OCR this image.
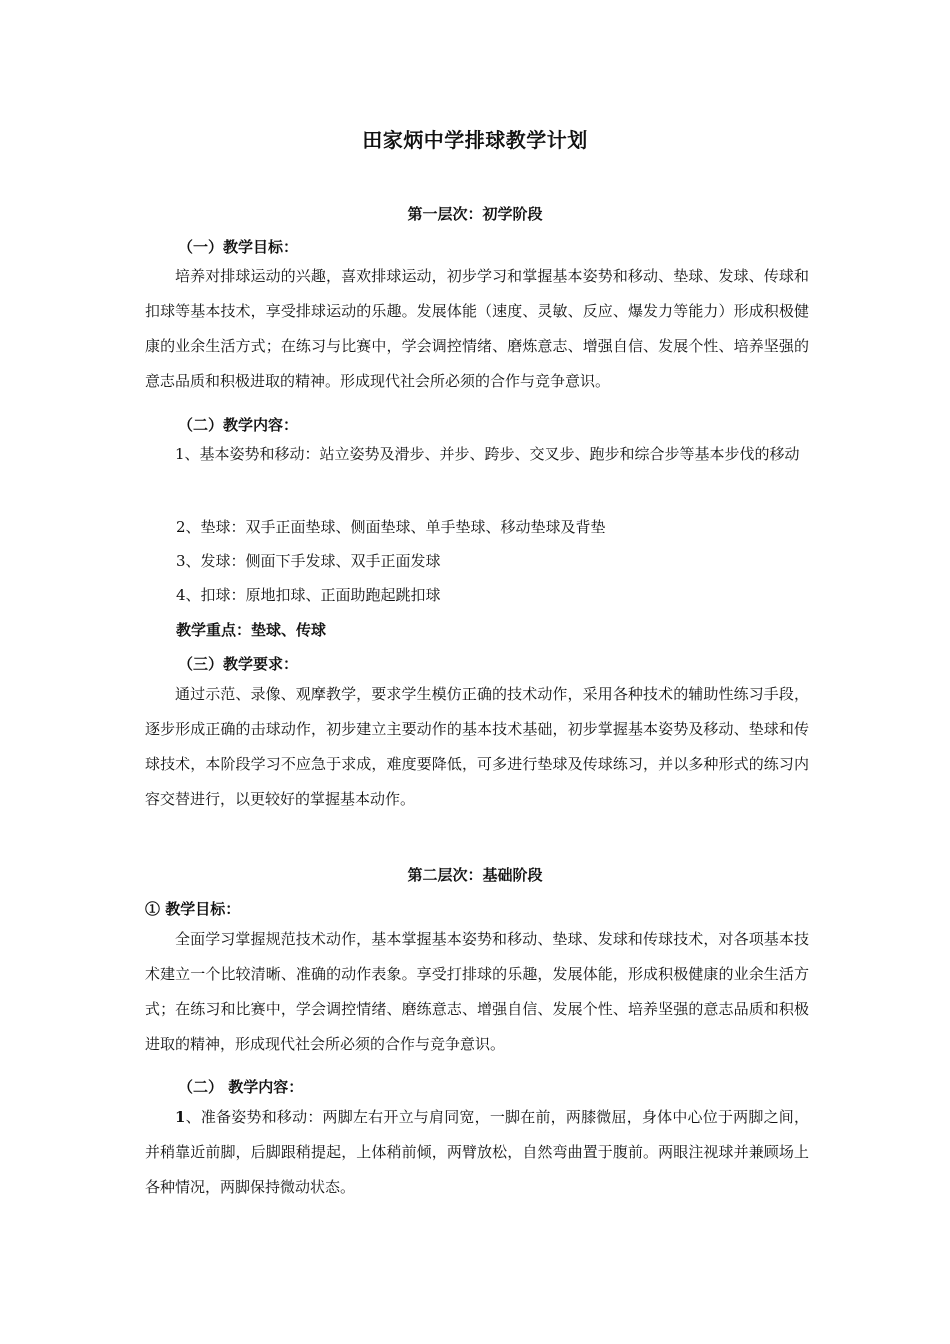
田家炳中学排球教学计划
第一层次：初学阶段
（一）教学目标：
培养对排球运动的兴趣，喜欢排球运动，初步学习和掌握基本姿势和移动、垫球、发球、传球和扣球等基本技术，享受排球运动的乐趣。发展体能（速度、灵敏、反应、爆发力等能力）形成积极健康的业余生活方式；在练习与比赛中，学会调控情绪、磨炼意志、增强自信、发展个性、培养坚强的意志品质和积极进取的精神。形成现代社会所必须的合作与竞争意识。
（二）教学内容：
1、基本姿势和移动：站立姿势及滑步、并步、跨步、交叉步、跑步和综合步等基本步伐的移动
2、垫球：双手正面垫球、侧面垫球、单手垫球、移动垫球及背垫
3、发球：侧面下手发球、双手正面发球
4、扣球：原地扣球、正面助跑起跳扣球
教学重点：垫球、传球
（三）教学要求：
通过示范、录像、观摩教学，要求学生模仿正确的技术动作，采用各种技术的辅助性练习手段，逐步形成正确的击球动作，初步建立主要动作的基本技术基础，初步掌握基本姿势及移动、垫球和传球技术，本阶段学习不应急于求成，难度要降低，可多进行垫球及传球练习，并以多种形式的练习内容交替进行，以更较好的掌握基本动作。
第二层次：基础阶段
① 教学目标：
全面学习掌握规范技术动作，基本掌握基本姿势和移动、垫球、发球和传球技术，对各项基本技术建立一个比较清晰、准确的动作表象。享受打排球的乐趣，发展体能，形成积极健康的业余生活方式；在练习和比赛中，学会调控情绪、磨练意志、增强自信、发展个性、培养坚强的意志品质和积极进取的精神，形成现代社会所必须的合作与竞争意识。
（二） 教学内容：
1、准备姿势和移动：两脚左右开立与肩同宽，一脚在前，两膝微屈，身体中心位于两脚之间，并稍靠近前脚，后脚跟稍提起，上体稍前倾，两臂放松，自然弯曲置于腹前。两眼注视球并兼顾场上各种情况，两脚保持微动状态。
